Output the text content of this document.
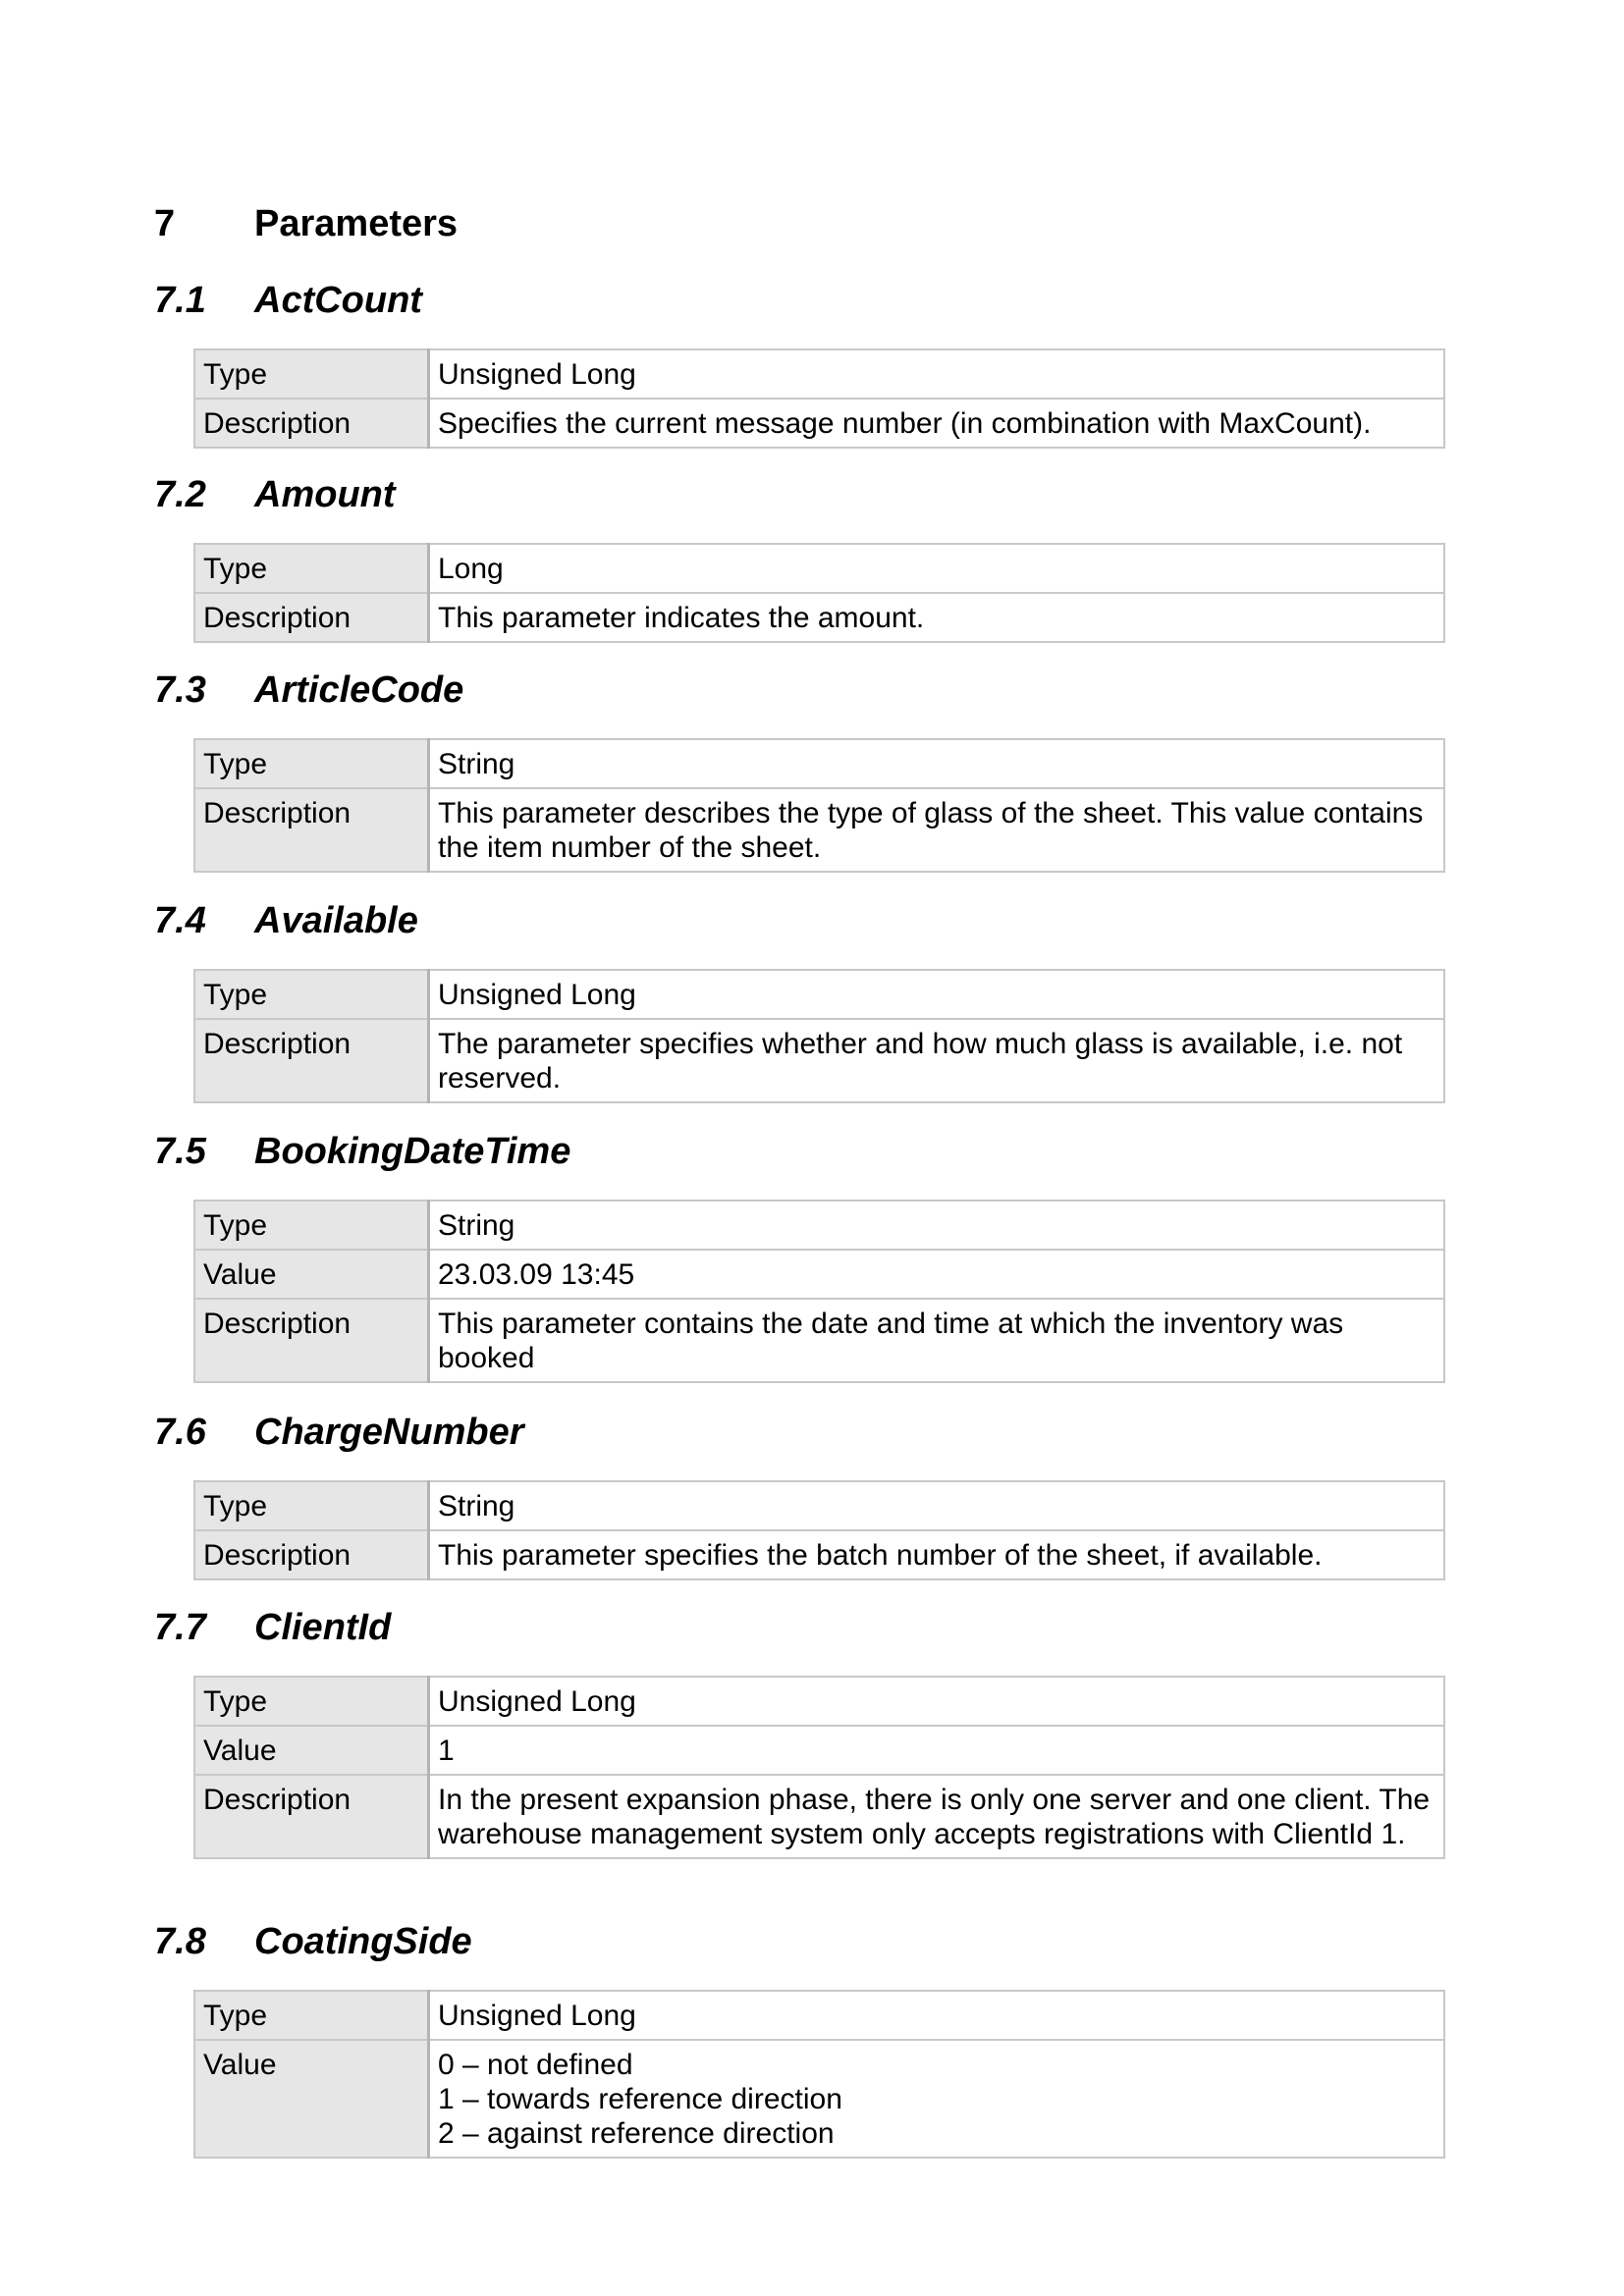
7 Parameters
7.1 ActCount
Type	Unsigned Long
Description	Specifies the current message number (in combination with MaxCount).
7.2 Amount
Type	Long
Description	This parameter indicates the amount.
7.3 ArticleCode
Type	String
Description	This parameter describes the type of glass of the sheet. This value contains the item number of the sheet.
7.4 Available
Type	Unsigned Long
Description	The parameter specifies whether and how much glass is available, i.e. not reserved.
7.5 BookingDateTime
Type	String
Value	23.03.09 13:45
Description	This parameter contains the date and time at which the inventory was booked
7.6 ChargeNumber
Type	String
Description	This parameter specifies the batch number of the sheet, if available.
7.7 ClientId
Type	Unsigned Long
Value	1
Description	In the present expansion phase, there is only one server and one client. The warehouse management system only accepts registrations with ClientId 1.
7.8 CoatingSide
Type	Unsigned Long
Value	0 – not defined
1 – towards reference direction
2 – against reference direction
